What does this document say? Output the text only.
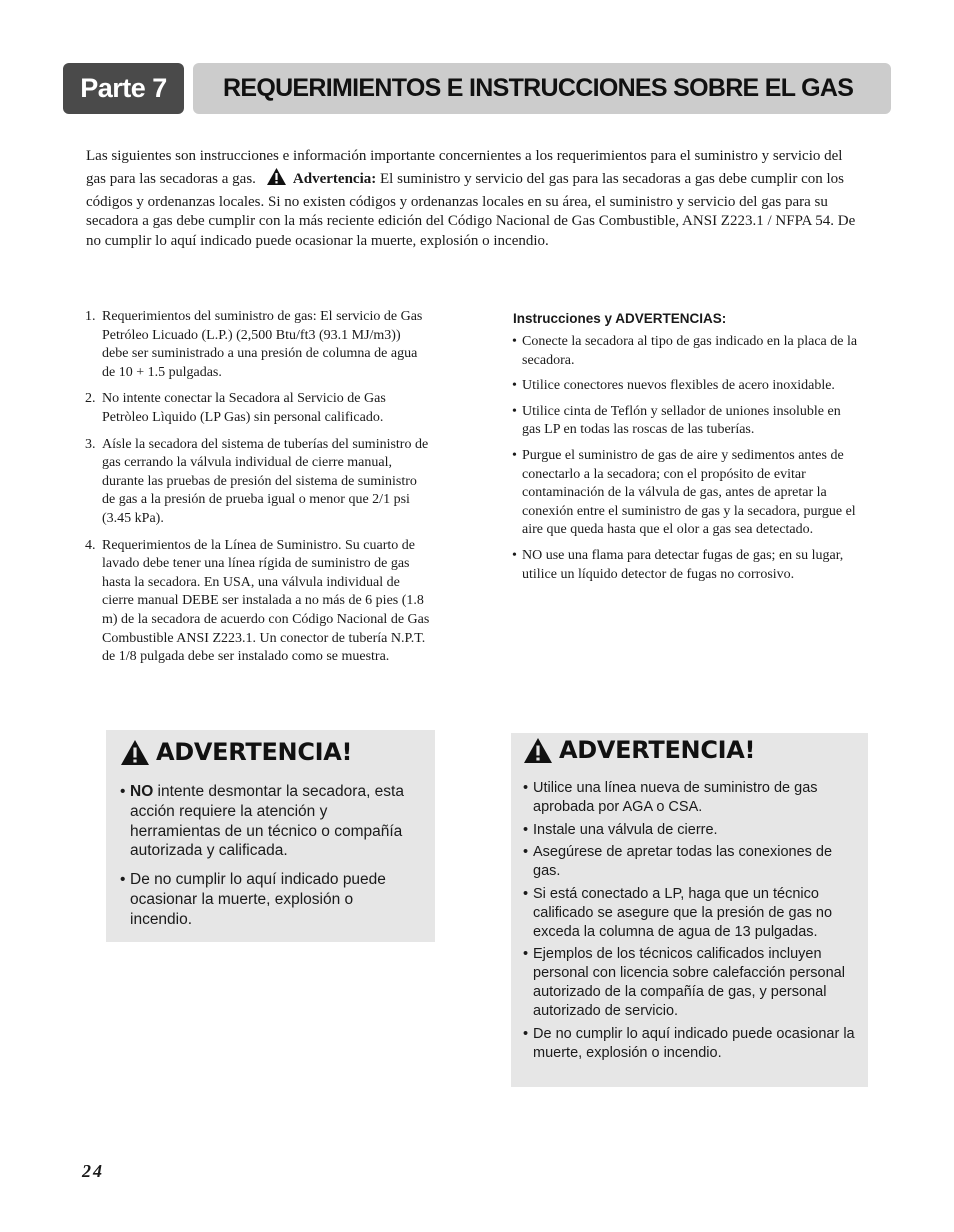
Parte 7	REQUERIMIENTOS E INSTRUCCIONES SOBRE EL GAS

Las siguientes son instrucciones e información importante concernientes a los requerimientos para el suministro y servicio del gas para las secadoras a gas. Advertencia: El suministro y servicio del gas para las secadoras a gas debe cumplir con los códigos y ordenanzas locales. Si no existen códigos y ordenanzas locales en su área, el suministro y servicio del gas para su secadora a gas debe cumplir con la más reciente edición del Código Nacional de Gas Combustible, ANSI Z223.1 / NFPA 54. De no cumplir lo aquí indicado puede ocasionar la muerte, explosión o incendio.

1. Requerimientos del suministro de gas: El servicio de Gas Petróleo Licuado (L.P.) (2,500 Btu/ft3 (93.1 MJ/m3)) debe ser suministrado a una presión de columna de agua de 10 + 1.5 pulgadas.
2. No intente conectar la Secadora al Servicio de Gas Petròleo Lìquido (LP Gas) sin personal calificado.
3. Aísle la secadora del sistema de tuberías del suministro de gas cerrando la válvula individual de cierre manual, durante las pruebas de presión del sistema de suministro de gas a la presión de prueba igual o menor que 2/1 psi (3.45 kPa).
4. Requerimientos de la Línea de Suministro. Su cuarto de lavado debe tener una línea rígida de suministro de gas hasta la secadora. En USA, una válvula individual de cierre manual DEBE ser instalada a no más de 6 pies (1.8 m) de la secadora de acuerdo con Código Nacional de Gas Combustible ANSI Z223.1. Un conector de tubería N.P.T. de 1/8 pulgada debe ser instalado como se muestra.

Instrucciones y ADVERTENCIAS:

• Conecte la secadora al tipo de gas indicado en la placa de la secadora.
• Utilice conectores nuevos flexibles de acero inoxidable.
• Utilice cinta de Teflón y sellador de uniones insoluble en gas LP en todas las roscas de las tuberías.
• Purgue el suministro de gas de aire y sedimentos antes de conectarlo a la secadora; con el propósito de evitar contaminación de la válvula de gas, antes de apretar la conexión entre el suministro de gas y la secadora, purgue el aire que queda hasta que el olor a gas sea detectado.
• NO use una flama para detectar fugas de gas; en su lugar, utilice un líquido detector de fugas no corrosivo.
ADVERTENCIA!
• NO intente desmontar la secadora, esta acción requiere la atención y herramientas de un técnico o compañía autorizada y calificada.
• De no cumplir lo aquí indicado puede ocasionar la muerte, explosión o incendio.
ADVERTENCIA!
• Utilice una línea nueva de suministro de gas aprobada por AGA o CSA.
• Instale una válvula de cierre.
• Asegúrese de apretar todas las conexiones de gas.
• Si está conectado a LP, haga que un técnico calificado se asegure que la presión de gas no exceda la columna de agua de 13 pulgadas.
• Ejemplos de los técnicos calificados incluyen personal con licencia sobre calefacción personal autorizado de la compañía de gas, y personal autorizado de servicio.
• De no cumplir lo aquí indicado puede ocasionar la muerte, explosión o incendio.
24
